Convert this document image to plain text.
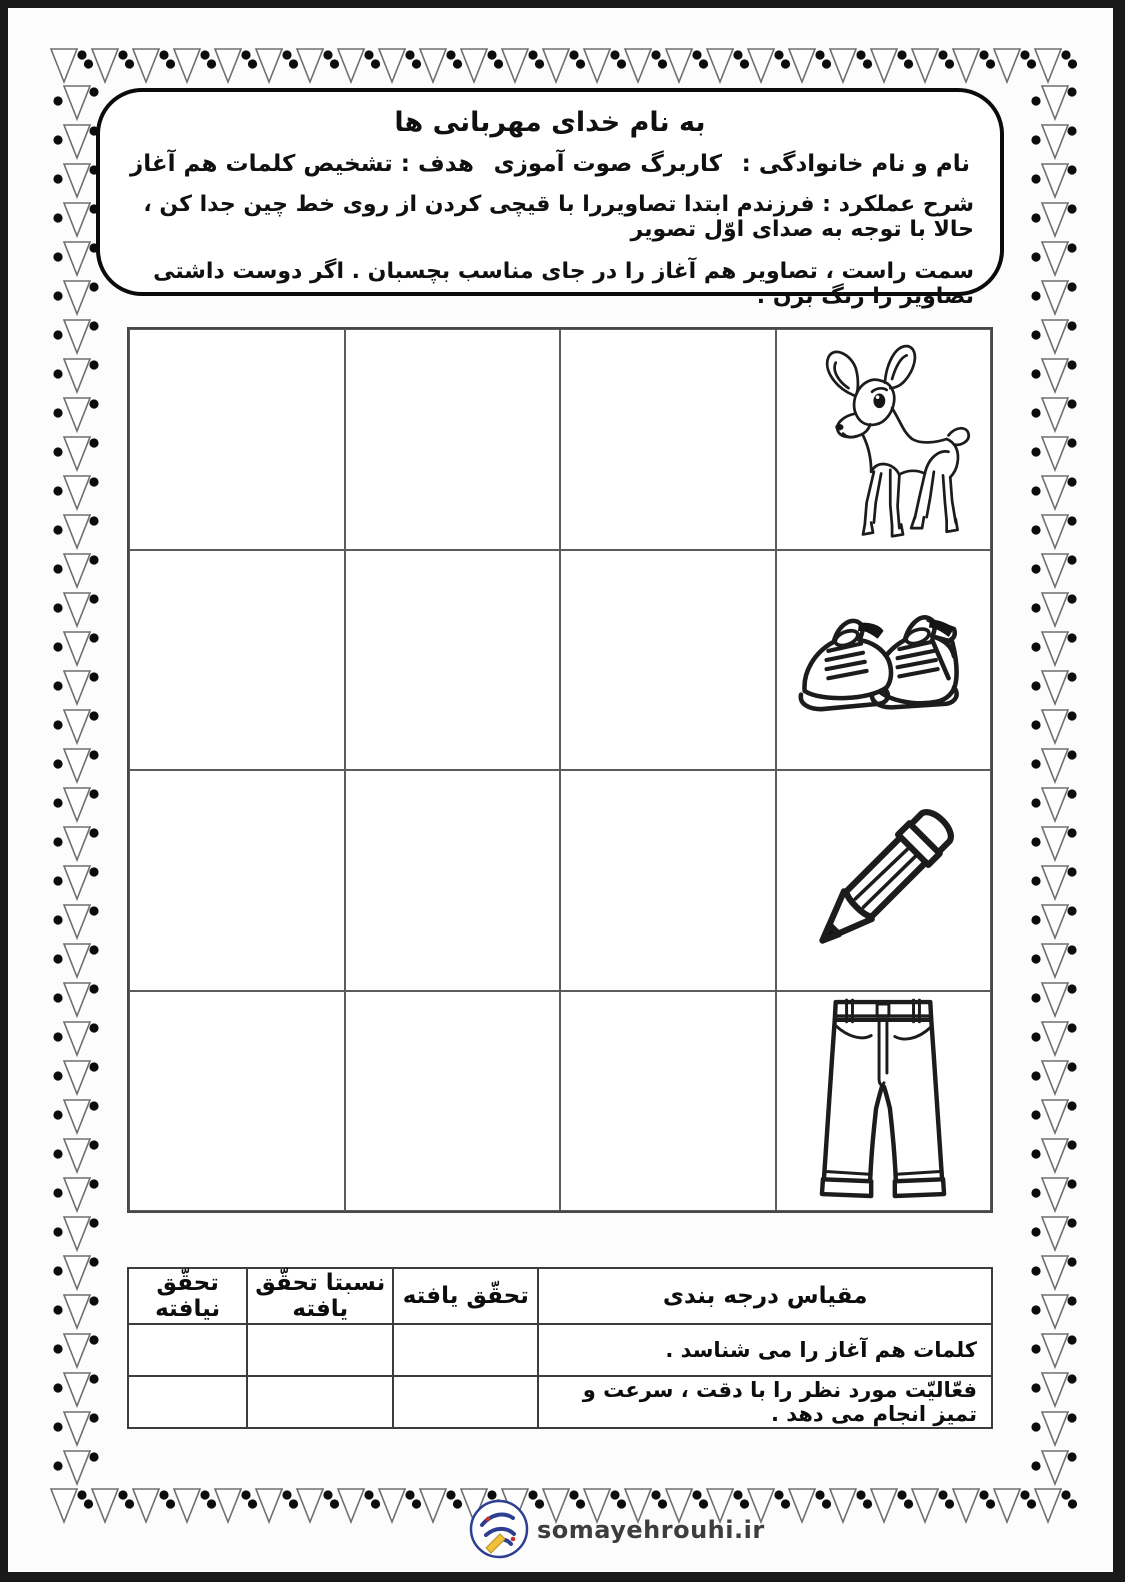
به نام خدای مهربانی ها
نام و نام خانوادگی :
کاربرگ صوت آموزی
هدف : تشخیص کلمات هم آغاز
شرح عملکرد : فرزندم ابتدا تصاویررا با قیچی کردن از روی خط چین جدا کن ، حالا با توجه به صدای اوّل تصویر
سمت راست ، تصاویر هم آغاز را در جای مناسب بچسبان . اگر دوست داشتی تصاویر را رنگ بزن .
مقیاس درجه بندی	تحقّق یافته	نسبتا تحقّق یافته	تحقّق نیافته
کلمات هم آغاز را می شناسد .			
فعّالیّت مورد نظر را با دقت ، سرعت و تمیز انجام می دهد .			
somayehrouhi.ir
